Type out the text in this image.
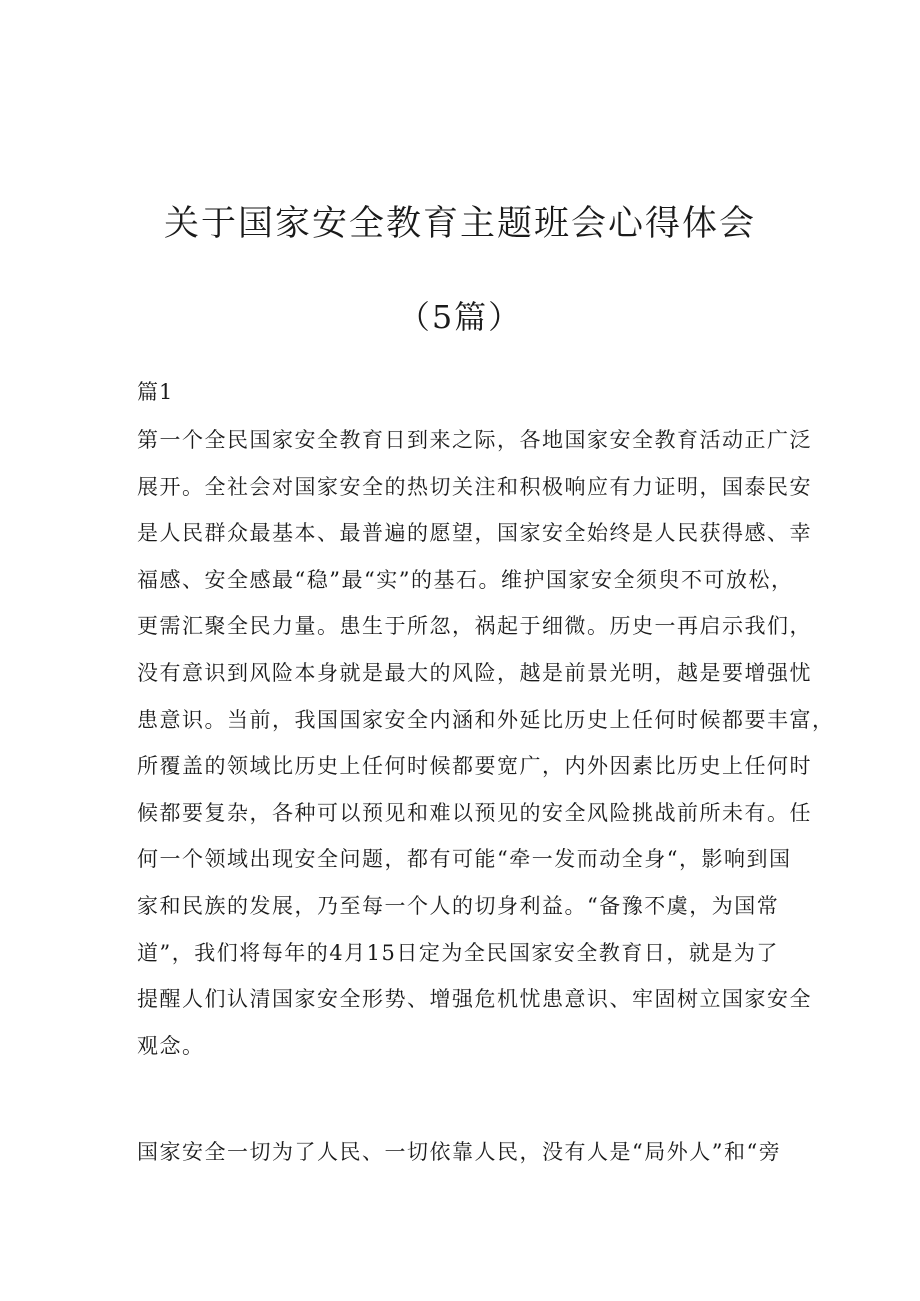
关于国家安全教育主题班会心得体会
（5篇）
篇1
第一个全民国家安全教育日到来之际，各地国家安全教育活动正广泛
展开。全社会对国家安全的热切关注和积极响应有力证明，国泰民安
是人民群众最基本、最普遍的愿望，国家安全始终是人民获得感、幸
福感、安全感最“稳”最“实”的基石。维护国家安全须臾不可放松，
更需汇聚全民力量。患生于所忽，祸起于细微。历史一再启示我们，
没有意识到风险本身就是最大的风险，越是前景光明，越是要增强忧
患意识。当前，我国国家安全内涵和外延比历史上任何时候都要丰富，
所覆盖的领域比历史上任何时候都要宽广，内外因素比历史上任何时
候都要复杂，各种可以预见和难以预见的安全风险挑战前所未有。任
何一个领域出现安全问题，都有可能“牵一发而动全身“，影响到国
家和民族的发展，乃至每一个人的切身利益。“备豫不虞，为国常
道”，我们将每年的4月15日定为全民国家安全教育日，就是为了
提醒人们认清国家安全形势、增强危机忧患意识、牢固树立国家安全
观念。
国家安全一切为了人民、一切依靠人民，没有人是“局外人”和“旁
